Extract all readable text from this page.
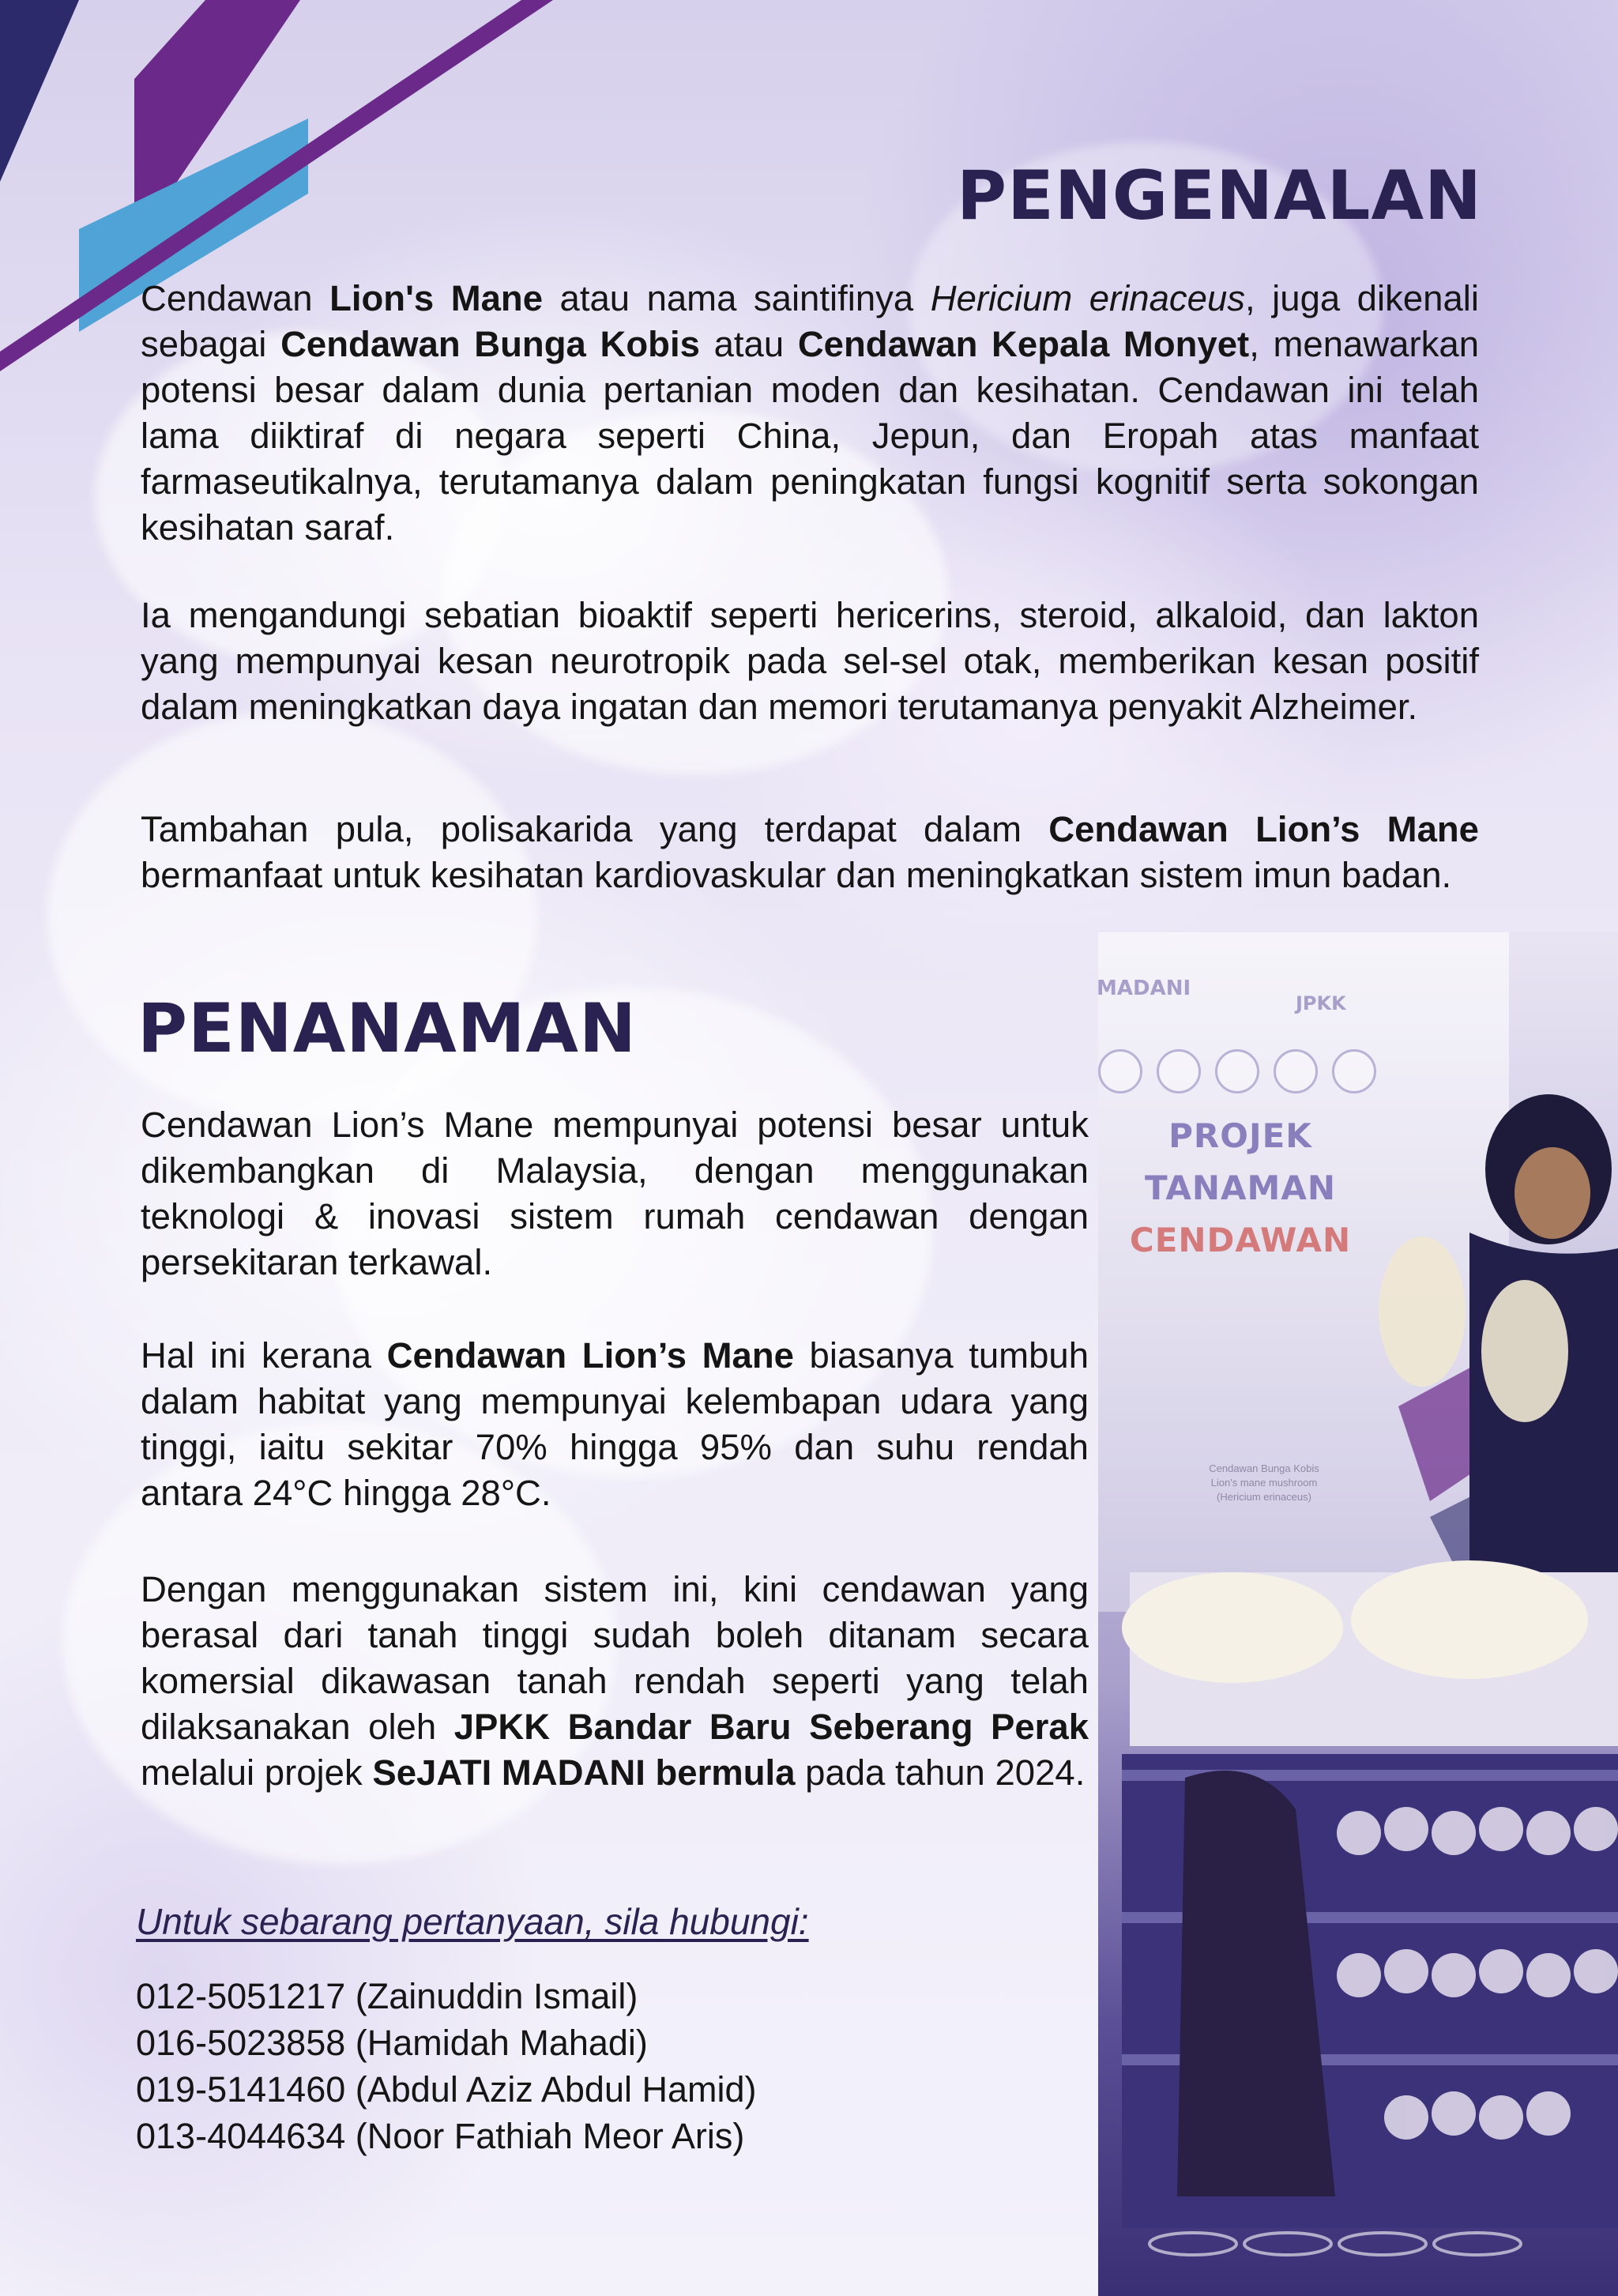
PENGENALAN

Cendawan Lion's Mane atau nama saintifinya Hericium erinaceus, juga dikenali sebagai Cendawan Bunga Kobis atau Cendawan Kepala Monyet, menawarkan potensi besar dalam dunia pertanian moden dan kesihatan. Cendawan ini telah lama diiktiraf di negara seperti China, Jepun, dan Eropah atas manfaat farmaseutikalnya, terutamanya dalam peningkatan fungsi kognitif serta sokongan kesihatan saraf.

Ia mengandungi sebatian bioaktif seperti hericerins, steroid, alkaloid, dan lakton yang mempunyai kesan neurotropik pada sel-sel otak, memberikan kesan positif dalam meningkatkan daya ingatan dan memori terutamanya penyakit Alzheimer.

Tambahan pula, polisakarida yang terdapat dalam Cendawan Lion’s Mane bermanfaat untuk kesihatan kardiovaskular dan meningkatkan sistem imun badan.

MADANI
JPKK
PROJEK
TANAMAN
CENDAWAN
Cendawan Bunga Kobis
Lion's mane mushroom
(Hericium erinaceus)
PENANAMAN

Cendawan Lion’s Mane mempunyai potensi besar untuk dikembangkan di Malaysia, dengan menggunakan teknologi & inovasi sistem rumah cendawan dengan persekitaran terkawal.

Hal ini kerana Cendawan Lion’s Mane biasanya tumbuh dalam habitat yang mempunyai kelembapan udara yang tinggi, iaitu sekitar 70% hingga 95% dan suhu rendah antara 24°C hingga 28°C.

Dengan menggunakan sistem ini, kini cendawan yang berasal dari tanah tinggi sudah boleh ditanam secara komersial dikawasan tanah rendah seperti yang telah dilaksanakan oleh JPKK Bandar Baru Seberang Perak melalui projek SeJATI MADANI bermula pada tahun 2024.

Untuk sebarang pertanyaan, sila hubungi:

012-5051217 (Zainuddin Ismail)
016-5023858 (Hamidah Mahadi)
019-5141460 (Abdul Aziz Abdul Hamid)
013-4044634 (Noor Fathiah Meor Aris)
